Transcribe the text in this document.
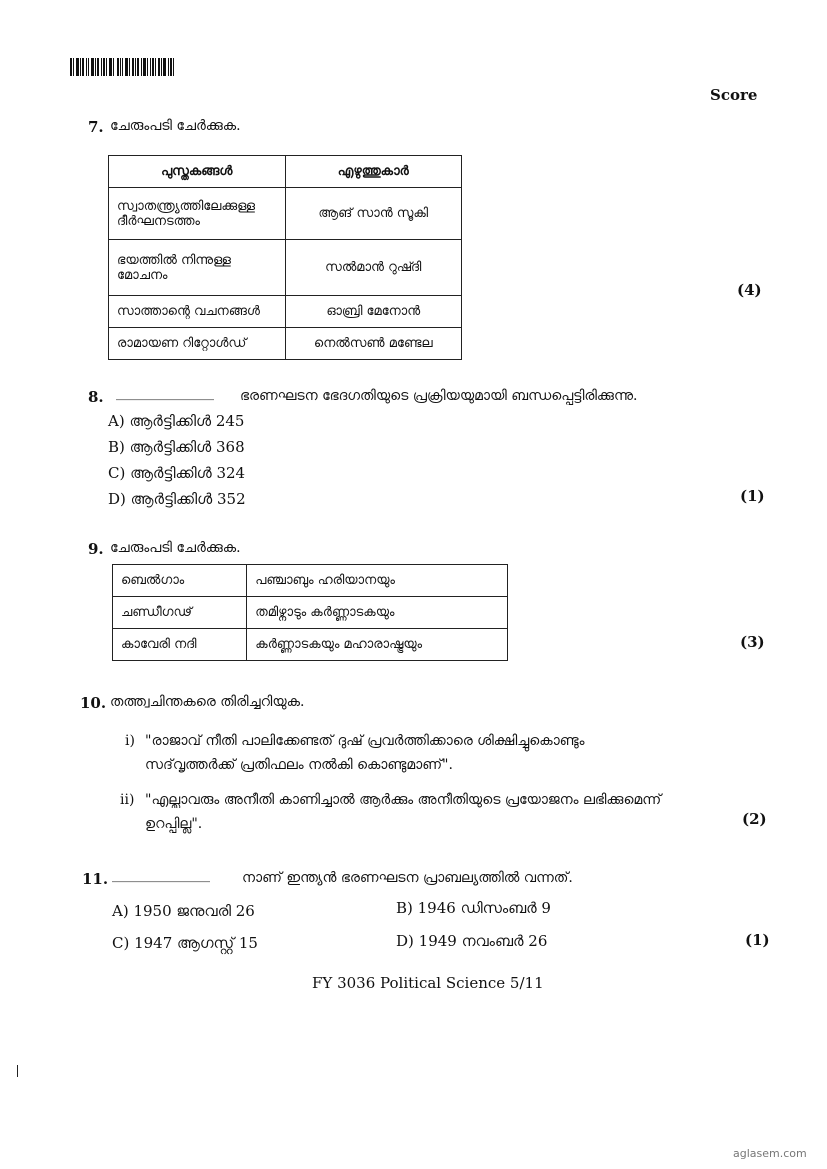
Score
7. ചേരുംപടി ചേർക്കുക.
പുസ്തകങ്ങൾ	എഴുത്തുകാർ
സ്വാതന്ത്ര്യത്തിലേക്കുള്ള ദീർഘനടത്തം	ആങ് സാൻ സൂകി
ഭയത്തിൽ നിന്നുള്ള മോചനം	സൽമാൻ റുഷ്ദി
സാത്താന്റെ വചനങ്ങൾ	ഓബ്രി മേനോൻ
രാമായണ റിറ്റോൾഡ്	നെൽസൺ മണ്ടേല
(4)
8. ______________ ഭരണഘടന ഭേദഗതിയുടെ പ്രക്രിയയുമായി ബന്ധപ്പെട്ടിരിക്കുന്നു.
A) ആർട്ടിക്കിൾ 245
B) ആർട്ടിക്കിൾ 368
C) ആർട്ടിക്കിൾ 324
D) ആർട്ടിക്കിൾ 352	(1)
9. ചേരുംപടി ചേർക്കുക.
ബെൽഗാം	പഞ്ചാബും ഹരിയാനയും
ചണ്ഡീഗഢ്	തമിഴ്നാടും കർണ്ണാടകയും
കാവേരി നദി	കർണ്ണാടകയും മഹാരാഷ്ട്രയും	(3)
10. തത്ത്വചിന്തകരെ തിരിച്ചറിയുക.
i) "രാജാവ് നീതി പാലിക്കേണ്ടത് ദുഷ് പ്രവർത്തിക്കാരെ ശിക്ഷിച്ചുകൊണ്ടും
സദ്‌വൃത്തർക്ക് പ്രതിഫലം നൽകി കൊണ്ടുമാണ്".
ii) "എല്ലാവരും അനീതി കാണിച്ചാൽ ആർക്കും അനീതിയുടെ പ്രയോജനം ലഭിക്കുമെന്ന്
ഉറപ്പില്ല".	(2)
11. ______________ നാണ് ഇന്ത്യൻ ഭരണഘടന പ്രാബല്യത്തിൽ വന്നത്.
A) 1950 ജനുവരി 26	B) 1946 ഡിസംബർ 9
C) 1947 ആഗസ്റ്റ് 15	D) 1949 നവംബർ 26	(1)
FY 3036 Political Science 5/11
aglasem.com
